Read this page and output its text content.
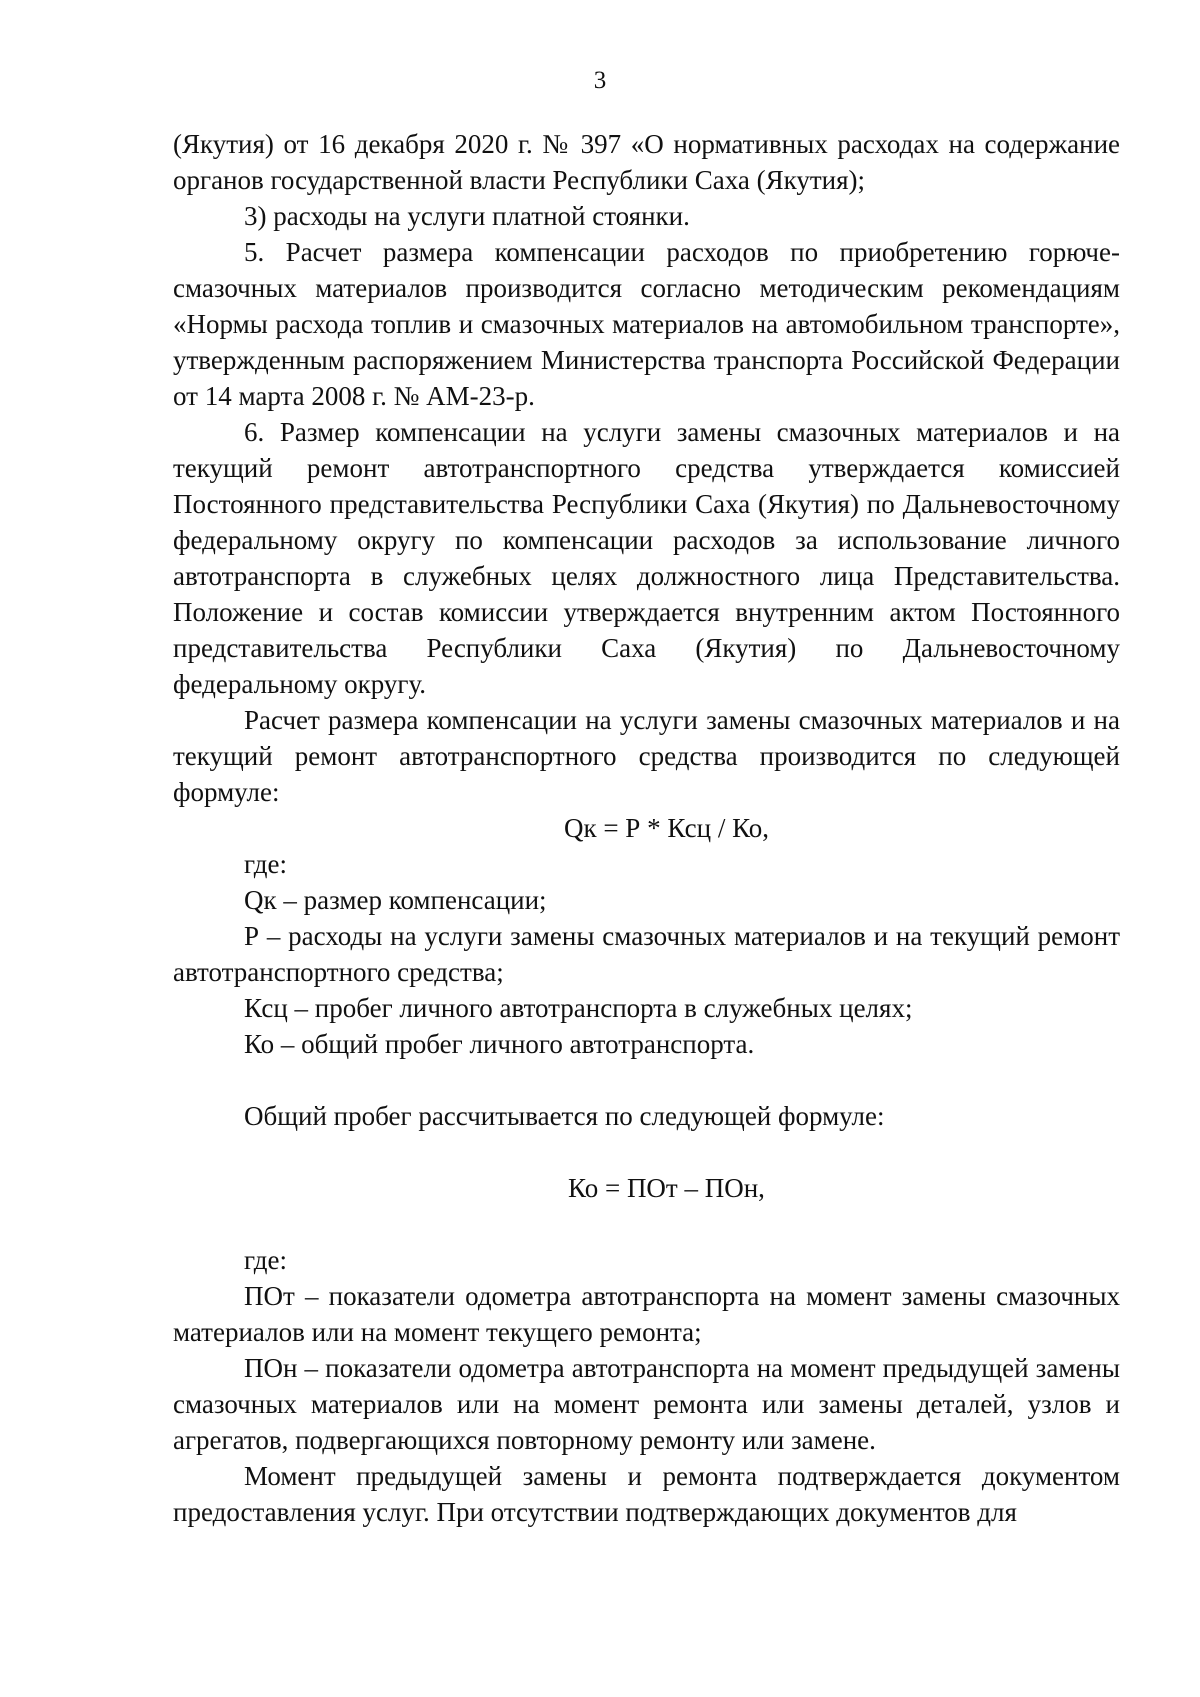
3

(Якутия) от 16 декабря 2020 г. № 397 «О нормативных расходах на содержание органов государственной власти Республики Саха (Якутия);

3) расходы на услуги платной стоянки.

5. Расчет размера компенсации расходов по приобретению горюче-смазочных материалов производится согласно методическим рекомендациям «Нормы расхода топлив и смазочных материалов на автомобильном транспорте», утвержденным распоряжением Министерства транспорта Российской Федерации от 14 марта 2008 г. № АМ-23-р.

6. Размер компенсации на услуги замены смазочных материалов и на текущий ремонт автотранспортного средства утверждается комиссией Постоянного представительства Республики Саха (Якутия) по Дальневосточному федеральному округу по компенсации расходов за использование личного автотранспорта в служебных целях должностного лица Представительства. Положение и состав комиссии утверждается внутренним актом Постоянного представительства Республики Саха (Якутия) по Дальневосточному федеральному округу.

Расчет размера компенсации на услуги замены смазочных материалов и на текущий ремонт автотранспортного средства производится по следующей формуле:

Qк = Р * Ксц / Ко,

где:

Qк – размер компенсации;

Р – расходы на услуги замены смазочных материалов и на текущий ремонт автотранспортного средства;

Ксц – пробег личного автотранспорта в служебных целях;

Ко – общий пробег личного автотранспорта.

Общий пробег рассчитывается по следующей формуле:

Ко = ПОт – ПОн,

где:

ПОт – показатели одометра автотранспорта на момент замены смазочных материалов или на момент текущего ремонта;

ПОн – показатели одометра автотранспорта на момент предыдущей замены смазочных материалов или на момент ремонта или замены деталей, узлов и агрегатов, подвергающихся повторному ремонту или замене.

Момент предыдущей замены и ремонта подтверждается документом предоставления услуг. При отсутствии подтверждающих документов для
